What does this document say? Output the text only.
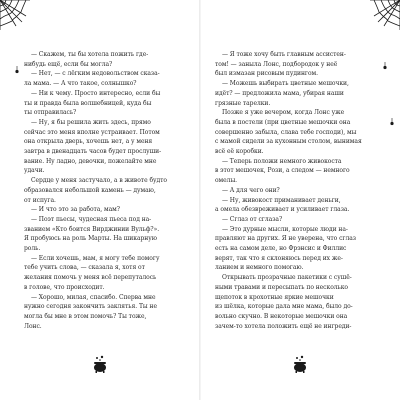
— Скажем, ты бы хотела пожить где-
нибудь ещё, если бы могла?
— Нет, — с лёгким недовольством сказа-
ла мама. — А что такое, солнышко?
— Ни к чему. Просто интересно, если бы
ты и правда была волшебницей, куда бы
ты отправилась?
— Ну, я бы решила жить здесь, прямо
сейчас это меня вполне устраивает. Потом
она открыла дверь, хочешь нет, а у меня
завтра в двенадцать часов будет прослуши-
вание. Ну ладно, девочки, пожелайте мне
удачи.
Сердце у меня застучало, а в животе будто
образовался небольшой камень — думаю,
от испуга.
— И что это за работа, мам?
— Поэт пьесы, чудесная пьеса под на-
званием «Кто боится Вирджинии Вульф?».
Я пробуюсь на роль Марты. На шикарную
роль.
— Если хочешь, мам, я могу тебе помогу
тебе учить слова, — сказала я, хотя от
желания помочь у меня всё перепуталось
в голове, что происходит.
— Хорошо, милая, спасибо. Сперва мне
нужно сегодня закончить заклятья. Ты не
могла бы мне в этом помочь? Ты тоже,
Лонс.
— Я тоже хочу быть главным ассистен-
том! — заныла Лонс, подбородок у неё
был измазан рисовым пудингом.
— Можешь выбирать цветные мешочки,
идёт? — предложила мама, убирая наши
грязные тарелки.
Позже я уже вечером, когда Лонс уже
была в постели (при цветные мешочки она
совершенно забыла, слава тебе господи), мы
с мамой сидели за кухонным столом, вынимая
всё её коробки.
— Теперь положи немного живокоста
в этот мешочек, Рози, а следом — немного
омелы.
— А для чего они?
— Ну, живокост приманивает деньги,
а омела обезвреживает и усиливает глаза.
— Сглаз от сглаза?
— Это дурные мысли, которые люди на-
правляют на других. Я не уверена, что сглаз
есть на самом деле, но Фрэнсис и Филлис
верят, так что я склоняюсь перед их же-
ланием и немного помогаю.
Открывать прозрачные пакетики с сушё-
ными травами и пересыпать по несколько
щепоток в крохотные яркие мешочки
из шёлка, которые дала мне мама, было до-
вольно скучно. В некоторые мешочки она
зачем-то хотела положить ещё не ингреди-
